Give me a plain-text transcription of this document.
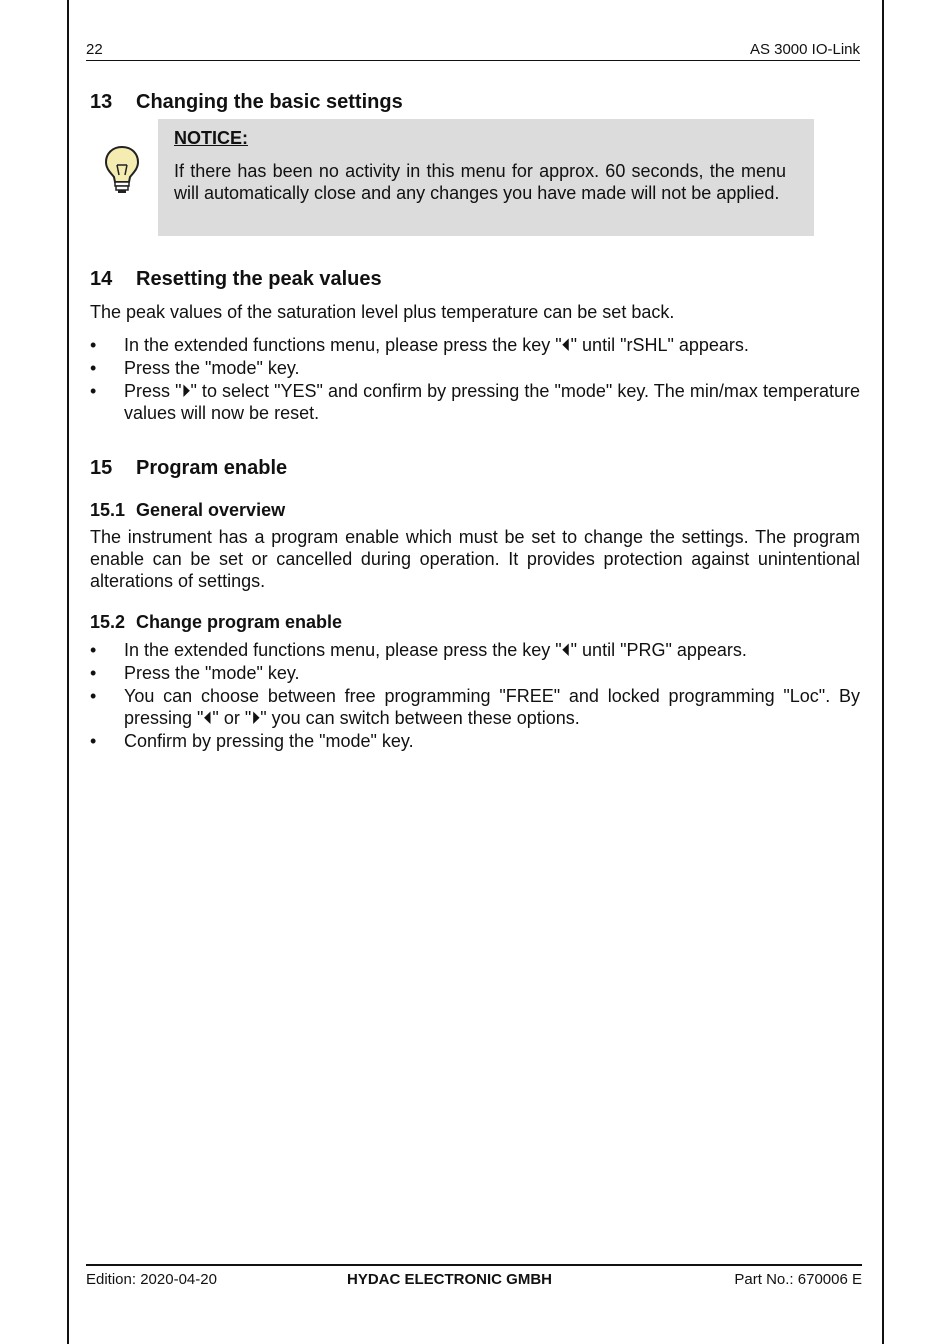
22	AS 3000 IO-Link
13 Changing the basic settings
NOTICE:
If there has been no activity in this menu for approx. 60 seconds, the menu will automatically close and any changes you have made will not be applied.
14 Resetting the peak values

The peak values of the saturation level plus temperature can be set back.

• In the extended functions menu, please press the key "⏴" until "rSHL" appears.
• Press the "mode" key.
• Press "⏵" to select "YES" and confirm by pressing the "mode" key. The min/max temperature values will now be reset.
15 Program enable
15.1 General overview

The instrument has a program enable which must be set to change the settings. The program enable can be set or cancelled during operation. It provides protection against unintentional alterations of settings.

15.2 Change program enable
• In the extended functions menu, please press the key "⏴" until "PRG" appears.
• Press the "mode" key.
• You can choose between free programming "FREE" and locked programming "Loc". By pressing "⏴" or "⏵" you can switch between these options.
• Confirm by pressing the "mode" key.
Edition: 2020-04-20	HYDAC ELECTRONIC GMBH	Part No.: 670006 E
